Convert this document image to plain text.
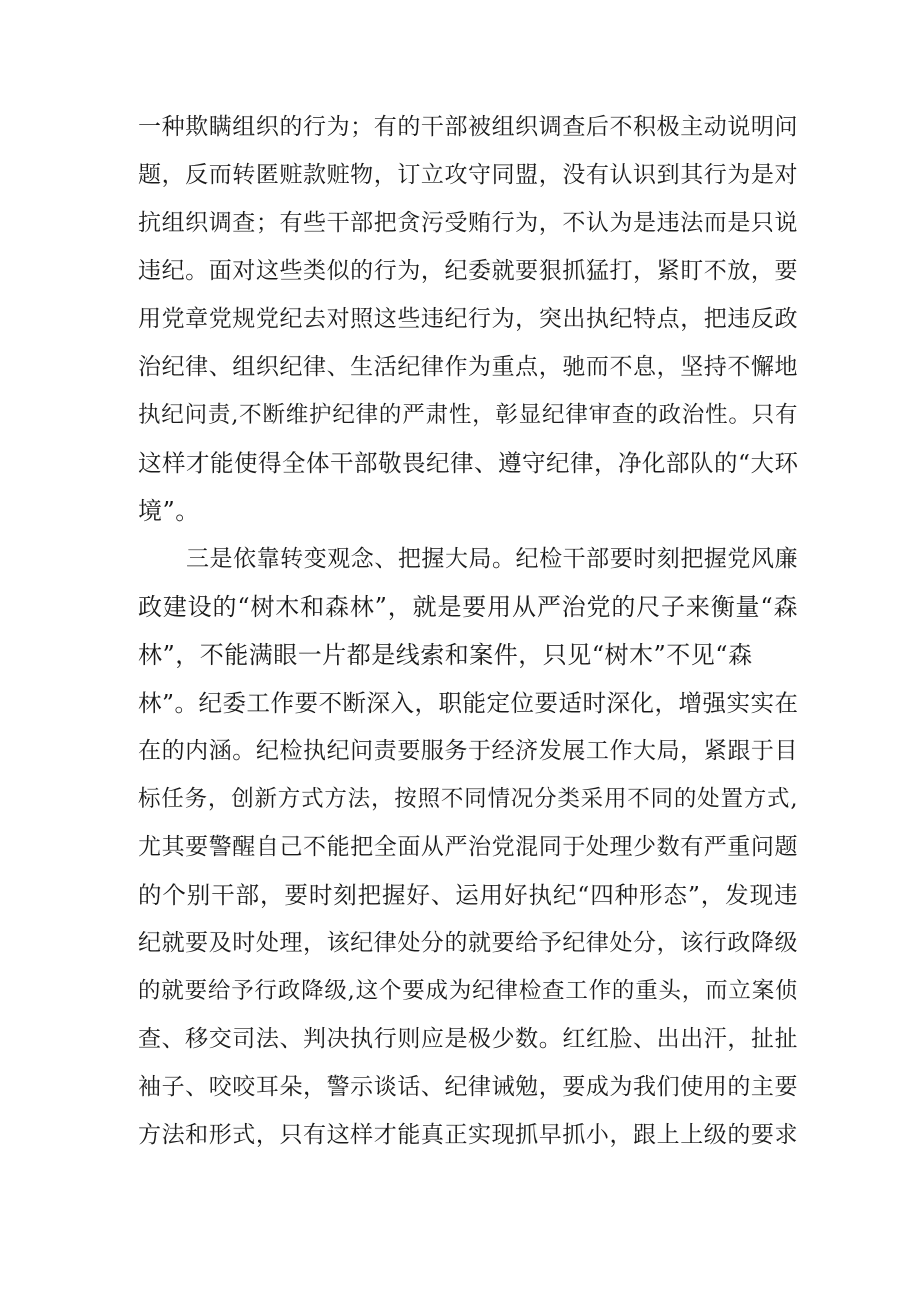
一种欺瞒组织的行为；有的干部被组织调查后不积极主动说明问
题，反而转匿赃款赃物，订立攻守同盟，没有认识到其行为是对
抗组织调查；有些干部把贪污受贿行为，不认为是违法而是只说
违纪。面对这些类似的行为，纪委就要狠抓猛打，紧盯不放，要
用党章党规党纪去对照这些违纪行为，突出执纪特点，把违反政
治纪律、组织纪律、生活纪律作为重点，驰而不息，坚持不懈地
执纪问责,不断维护纪律的严肃性，彰显纪律审查的政治性。只有
这样才能使得全体干部敬畏纪律、遵守纪律，净化部队的“大环
境”。
三是依靠转变观念、把握大局。纪检干部要时刻把握党风廉
政建设的“树木和森林”，就是要用从严治党的尺子来衡量“森
林”，不能满眼一片都是线索和案件，只见“树木”不见“森
林”。纪委工作要不断深入，职能定位要适时深化，增强实实在
在的内涵。纪检执纪问责要服务于经济发展工作大局，紧跟于目
标任务，创新方式方法，按照不同情况分类采用不同的处置方式,
尤其要警醒自己不能把全面从严治党混同于处理少数有严重问题
的个别干部，要时刻把握好、运用好执纪“四种形态”，发现违
纪就要及时处理，该纪律处分的就要给予纪律处分，该行政降级
的就要给予行政降级,这个要成为纪律检查工作的重头，而立案侦
查、移交司法、判决执行则应是极少数。红红脸、出出汗，扯扯
袖子、咬咬耳朵，警示谈话、纪律诫勉，要成为我们使用的主要
方法和形式，只有这样才能真正实现抓早抓小，跟上上级的要求
